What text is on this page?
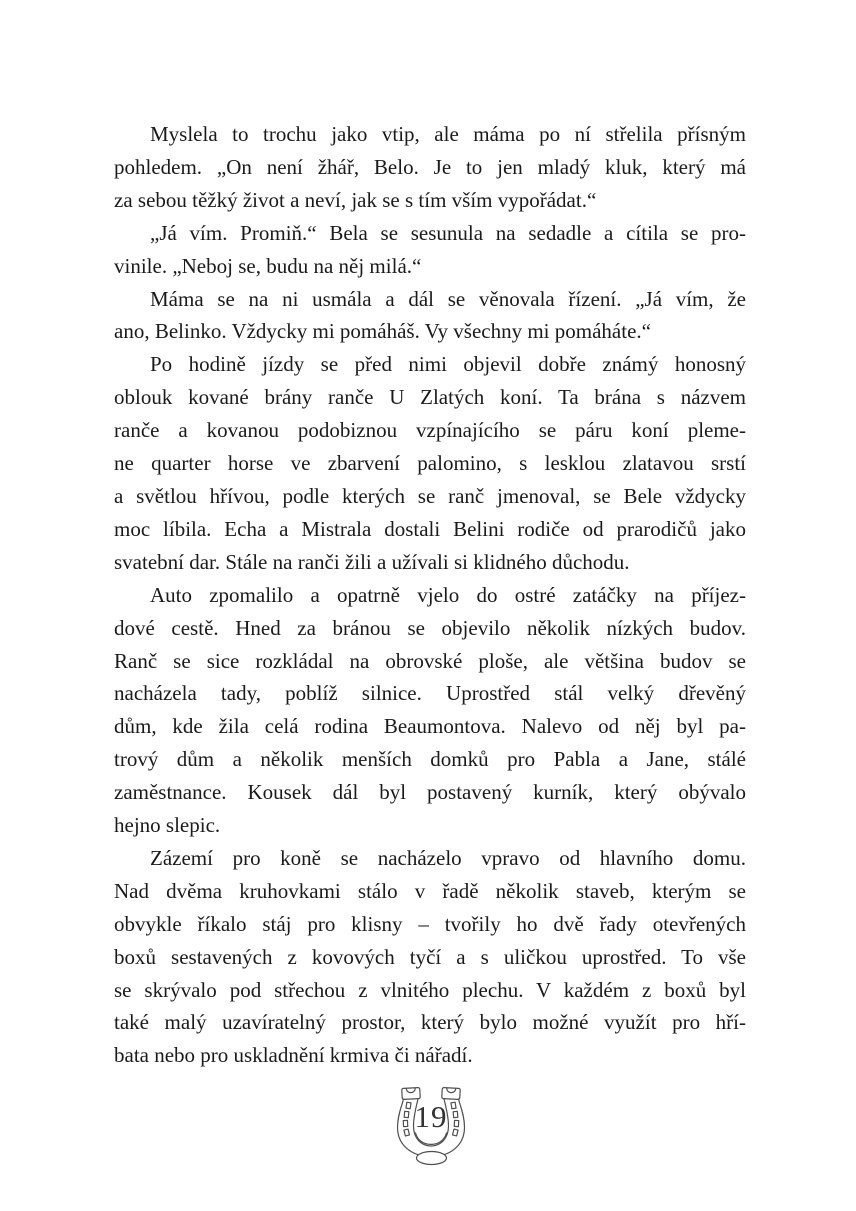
Myslela to trochu jako vtip, ale máma po ní střelila přísným
pohledem. „On není žhář, Belo. Je to jen mladý kluk, který má
za sebou těžký život a neví, jak se s tím vším vypořádat.“
„Já vím. Promiň.“ Bela se sesunula na sedadle a cítila se pro-
vinile. „Neboj se, budu na něj milá.“
Máma se na ni usmála a dál se věnovala řízení. „Já vím, že
ano, Belinko. Vždycky mi pomáháš. Vy všechny mi pomáháte.“
Po hodině jízdy se před nimi objevil dobře známý honosný
oblouk kované brány ranče U Zlatých koní. Ta brána s názvem
ranče a kovanou podobiznou vzpínajícího se páru koní pleme-
ne quarter horse ve zbarvení palomino, s lesklou zlatavou srstí
a světlou hřívou, podle kterých se ranč jmenoval, se Bele vždycky
moc líbila. Echa a Mistrala dostali Belini rodiče od prarodičů jako
svatební dar. Stále na ranči žili a užívali si klidného důchodu.
Auto zpomalilo a opatrně vjelo do ostré zatáčky na příjez-
dové cestě. Hned za bránou se objevilo několik nízkých budov.
Ranč se sice rozkládal na obrovské ploše, ale většina budov se
nacházela tady, poblíž silnice. Uprostřed stál velký dřevěný
dům, kde žila celá rodina Beaumontova. Nalevo od něj byl pa-
trový dům a několik menších domků pro Pabla a Jane, stálé
zaměstnance. Kousek dál byl postavený kurník, který obývalo
hejno slepic.
Zázemí pro koně se nacházelo vpravo od hlavního domu.
Nad dvěma kruhovkami stálo v řadě několik staveb, kterým se
obvykle říkalo stáj pro klisny – tvořily ho dvě řady otevřených
boxů sestavených z kovových tyčí a s uličkou uprostřed. To vše
se skrývalo pod střechou z vlnitého plechu. V každém z boxů byl
také malý uzavíratelný prostor, který bylo možné využít pro hří-
bata nebo pro uskladnění krmiva či nářadí.
19
